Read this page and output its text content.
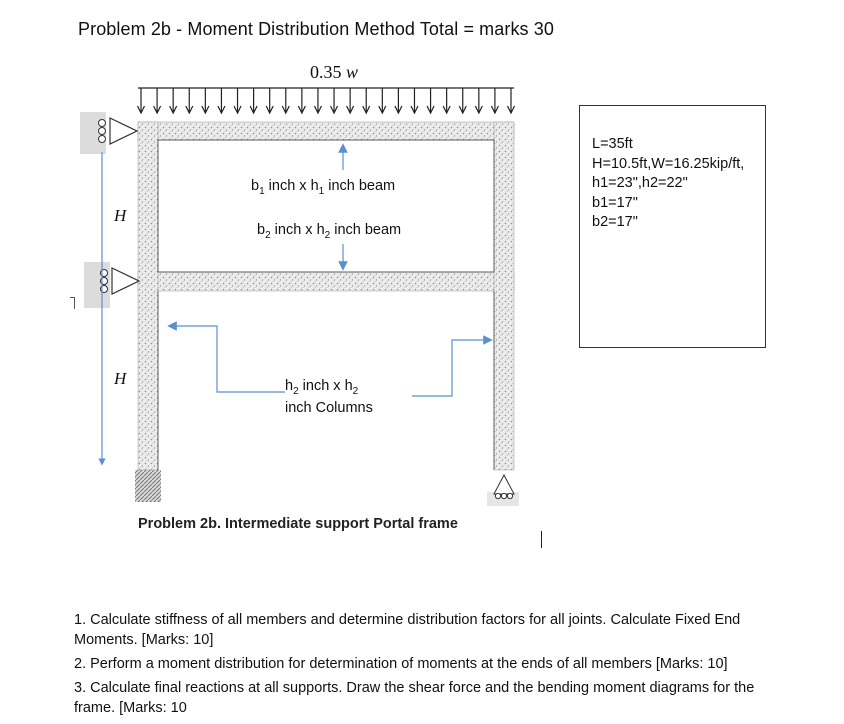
Problem 2b - Moment Distribution Method Total = marks 30
0.35 w
H
H
$b_1$ inch x $h_1$ inch beam
$b_2$ inch x $h_2$ inch beam
$h_2$ inch x $h_2$
inch Columns
Problem 2b. Intermediate support Portal frame
L=35ft
H=10.5ft,W=16.25kip/ft,
h1=23",h2=22"
b1=17"
b2=17"

1. Calculate stiffness of all members and determine distribution factors for all joints. Calculate Fixed End Moments. [Marks: 10]

2. Perform a moment distribution for determination of moments at the ends of all members [Marks: 10]

3. Calculate final reactions at all supports. Draw the shear force and the bending moment diagrams for the frame. [Marks: 10
